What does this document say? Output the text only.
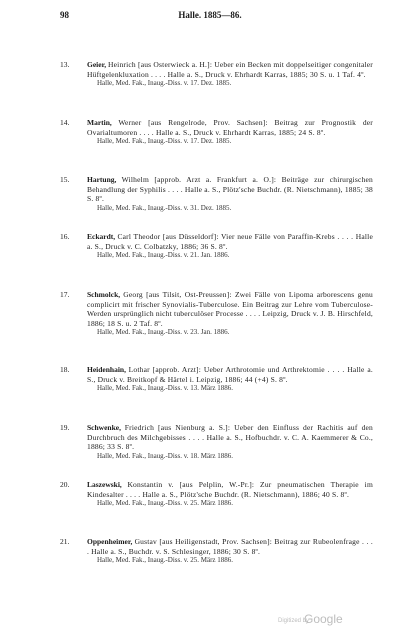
98	Halle. 1885—86.
13. Geier, Heinrich [aus Osterwieck a. H.]: Ueber ein Becken mit doppelseitiger congenitaler Hüftgelenkluxation . . . . Halle a. S., Druck v. Ehrhardt Karras, 1885; 30 S. u. 1 Taf. 4º.
Halle, Med. Fak., Inaug.-Diss. v. 17. Dez. 1885.
14. Martin, Werner [aus Rengelrode, Prov. Sachsen]: Beitrag zur Prognostik der Ovarialtumoren . . . . Halle a. S., Druck v. Ehrhardt Karras, 1885; 24 S. 8º.
Halle, Med. Fak., Inaug.-Diss. v. 17. Dez. 1885.
15. Hartung, Wilhelm [approb. Arzt a. Frankfurt a. O.]: Beiträge zur chirurgischen Behandlung der Syphilis . . . . Halle a. S., Plötz'sche Buchdr. (R. Nietschmann), 1885; 38 S. 8º.
Halle, Med. Fak., Inaug.-Diss. v. 31. Dez. 1885.
16. Eckardt, Carl Theodor [aus Düsseldorf]: Vier neue Fälle von Paraffin-Krebs . . . . Halle a. S., Druck v. C. Colbatzky, 1886; 36 S. 8º.
Halle, Med. Fak., Inaug.-Diss. v. 21. Jan. 1886.
17. Schmolck, Georg [aus Tilsit, Ost-Preussen]: Zwei Fälle von Lipoma arborescens genu complicirt mit frischer Synovialis-Tuberculose. Ein Beitrag zur Lehre vom Tuberculose-Werden ursprünglich nicht tuberculöser Processe . . . . Leipzig, Druck v. J. B. Hirschfeld, 1886; 18 S. u. 2 Taf. 8º.
Halle, Med. Fak., Inaug.-Diss. v. 23. Jan. 1886.
18. Heidenhain, Lothar [approb. Arzt]: Ueber Arthrotomie und Arthrektomie . . . . Halle a. S., Druck v. Breitkopf & Härtel i. Leipzig, 1886; 44 (+4) S. 8º.
Halle, Med. Fak., Inaug.-Diss. v. 13. März 1886.
19. Schwenke, Friedrich [aus Nienburg a. S.]: Ueber den Einfluss der Rachitis auf den Durchbruch des Milchgebisses . . . . Halle a. S., Hofbuchdr. v. C. A. Kaemmerer & Co., 1886; 33 S. 8º.
Halle, Med. Fak., Inaug.-Diss. v. 18. März 1886.
20. Laszewski, Konstantin v. [aus Pelplin, W.-Pr.]: Zur pneumatischen Therapie im Kindesalter . . . . Halle a. S., Plötz'sche Buchdr. (R. Nietschmann), 1886; 40 S. 8º.
Halle, Med. Fak., Inaug.-Diss. v. 25. März 1886.
21. Oppenheimer, Gustav [aus Heiligenstadt, Prov. Sachsen]: Beitrag zur Rubeolenfrage . . . . Halle a. S., Buchdr. v. S. Schlesinger, 1886; 30 S. 8º.
Halle, Med. Fak., Inaug.-Diss. v. 25. März 1886.
Digitized by
Google
